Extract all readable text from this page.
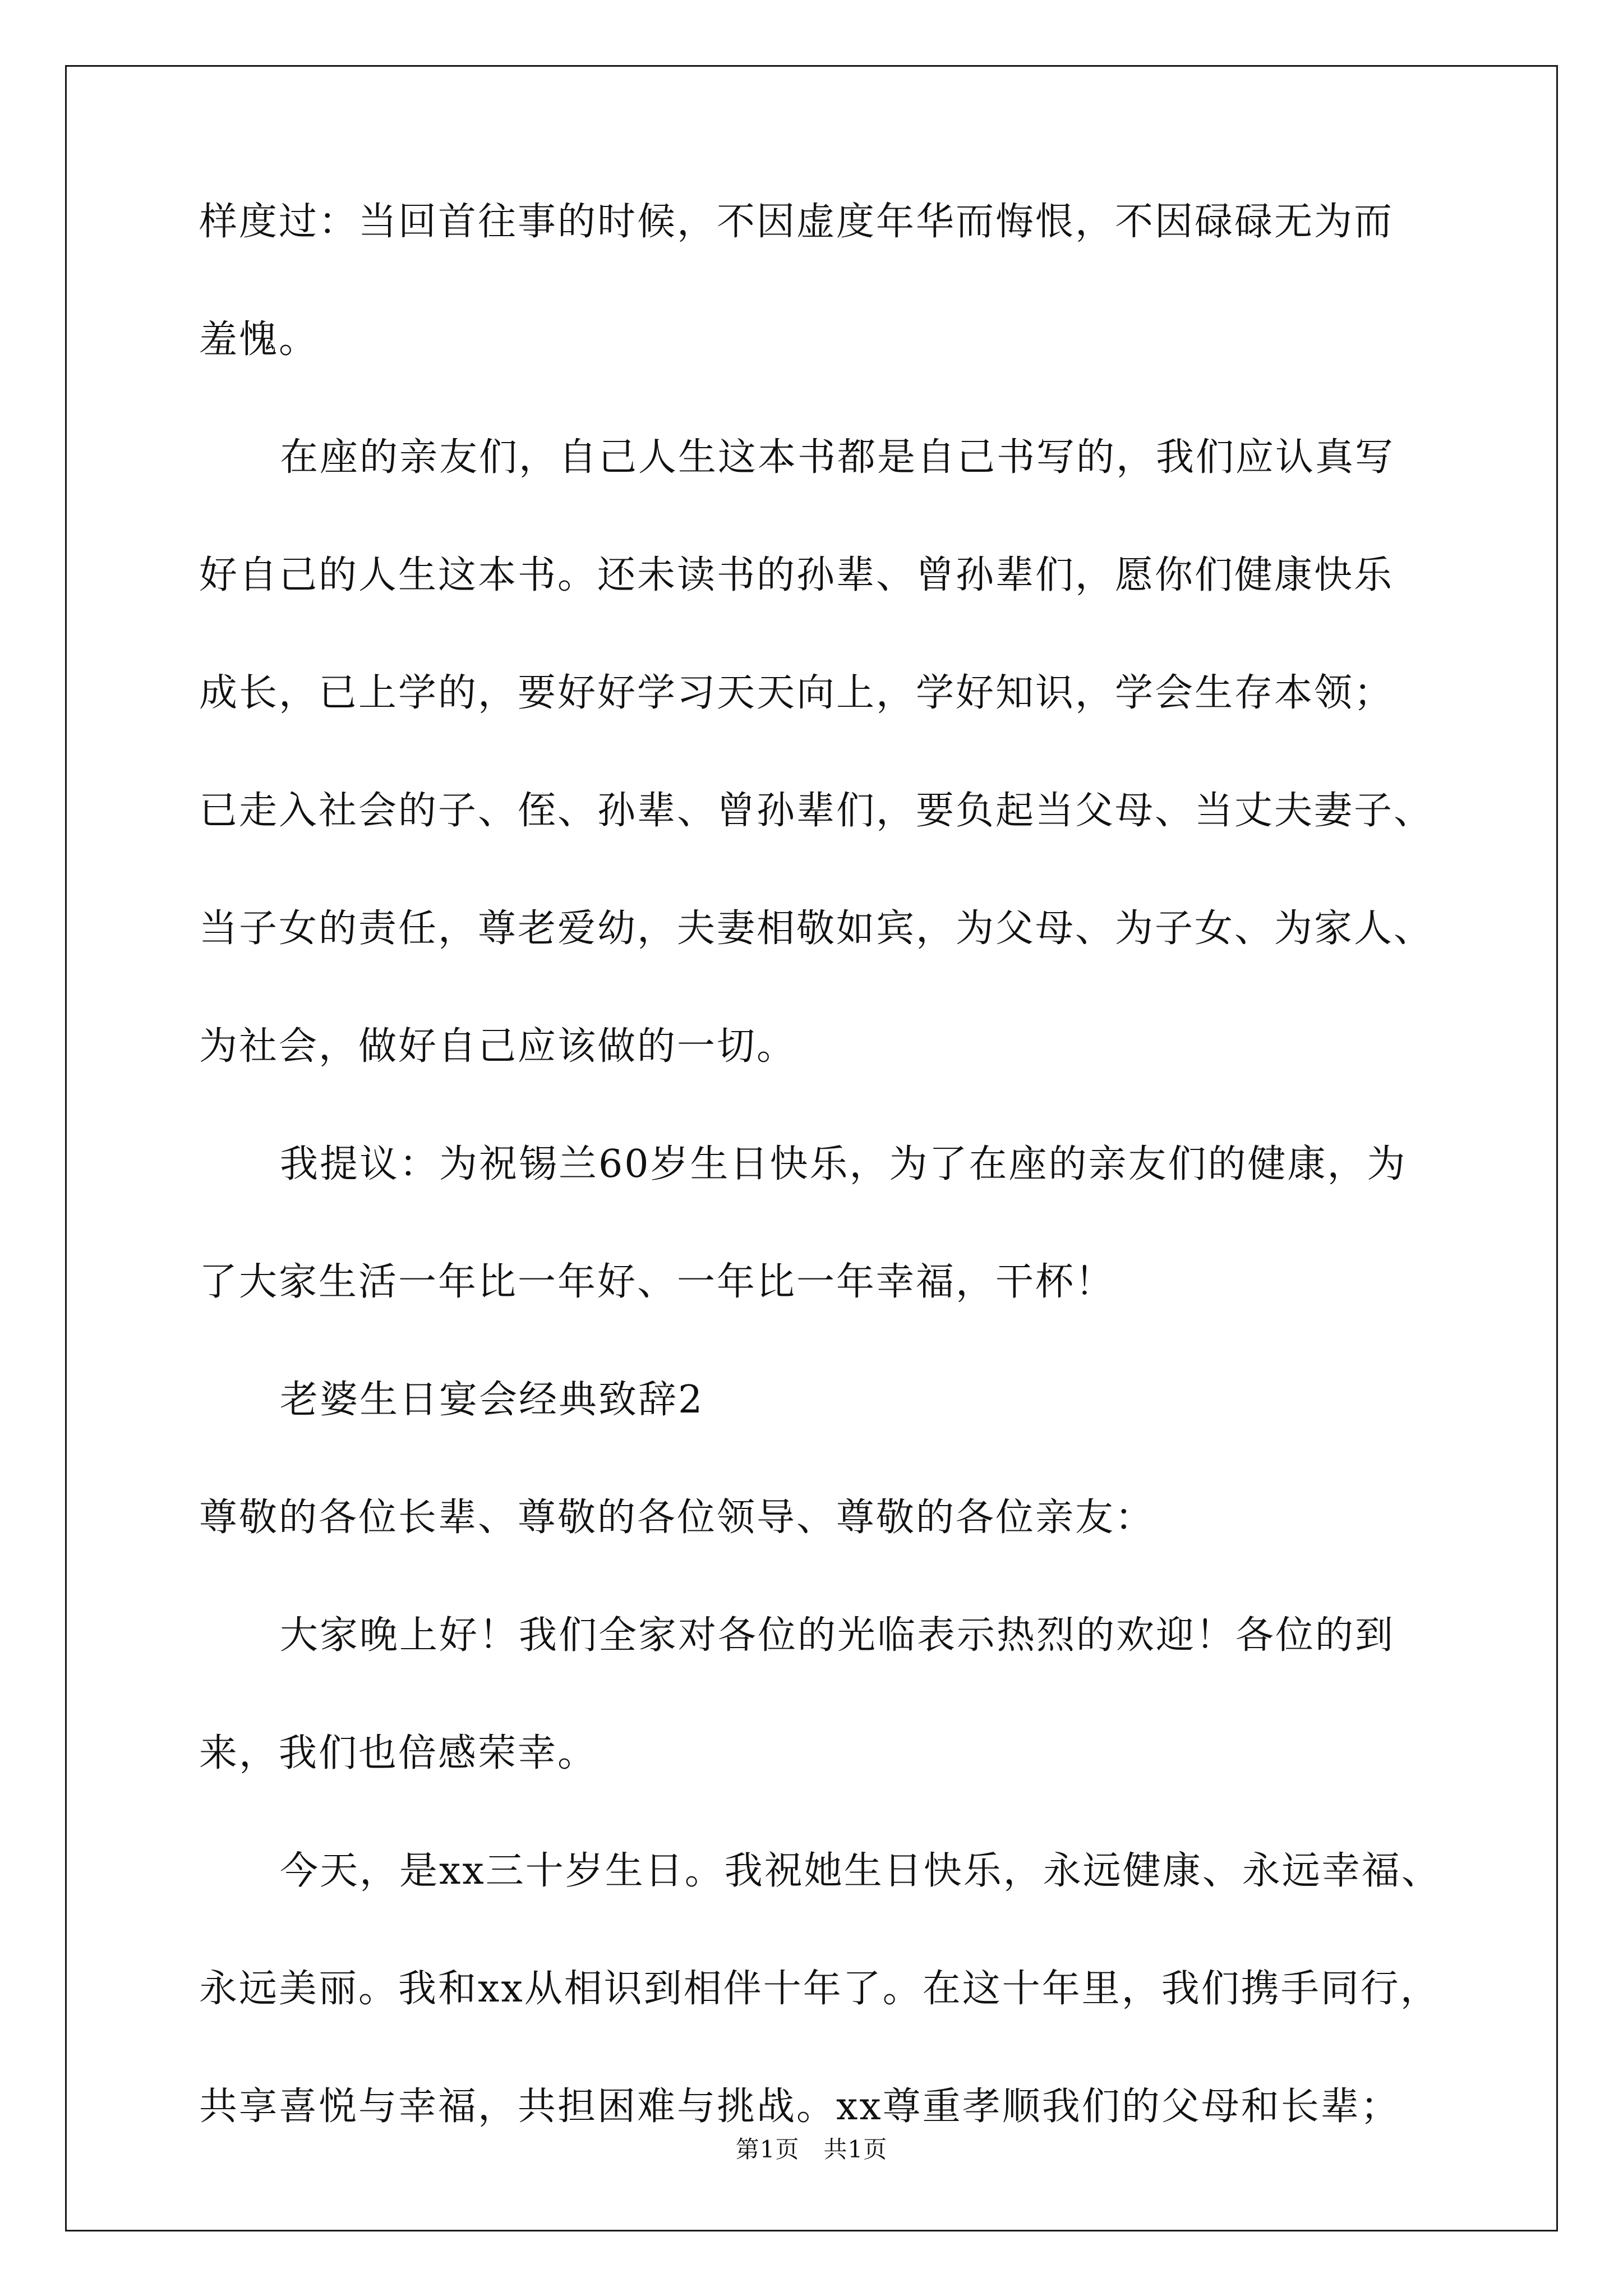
样度过：当回首往事的时候，不因虚度年华而悔恨，不因碌碌无为而

羞愧。

在座的亲友们，自己人生这本书都是自己书写的，我们应认真写

好自己的人生这本书。还未读书的孙辈、曾孙辈们，愿你们健康快乐

成长，已上学的，要好好学习天天向上，学好知识，学会生存本领；

已走入社会的子、侄、孙辈、曾孙辈们，要负起当父母、当丈夫妻子、

当子女的责任，尊老爱幼，夫妻相敬如宾，为父母、为子女、为家人、

为社会，做好自己应该做的一切。

我提议：为祝锡兰60岁生日快乐，为了在座的亲友们的健康，为

了大家生活一年比一年好、一年比一年幸福，干杯！

老婆生日宴会经典致辞2

尊敬的各位长辈、尊敬的各位领导、尊敬的各位亲友：

大家晚上好！我们全家对各位的光临表示热烈的欢迎！各位的到

来，我们也倍感荣幸。

今天，是xx三十岁生日。我祝她生日快乐，永远健康、永远幸福、

永远美丽。我和xx从相识到相伴十年了。在这十年里，我们携手同行，

共享喜悦与幸福，共担困难与挑战。xx尊重孝顺我们的父母和长辈；

第1页　共1页
